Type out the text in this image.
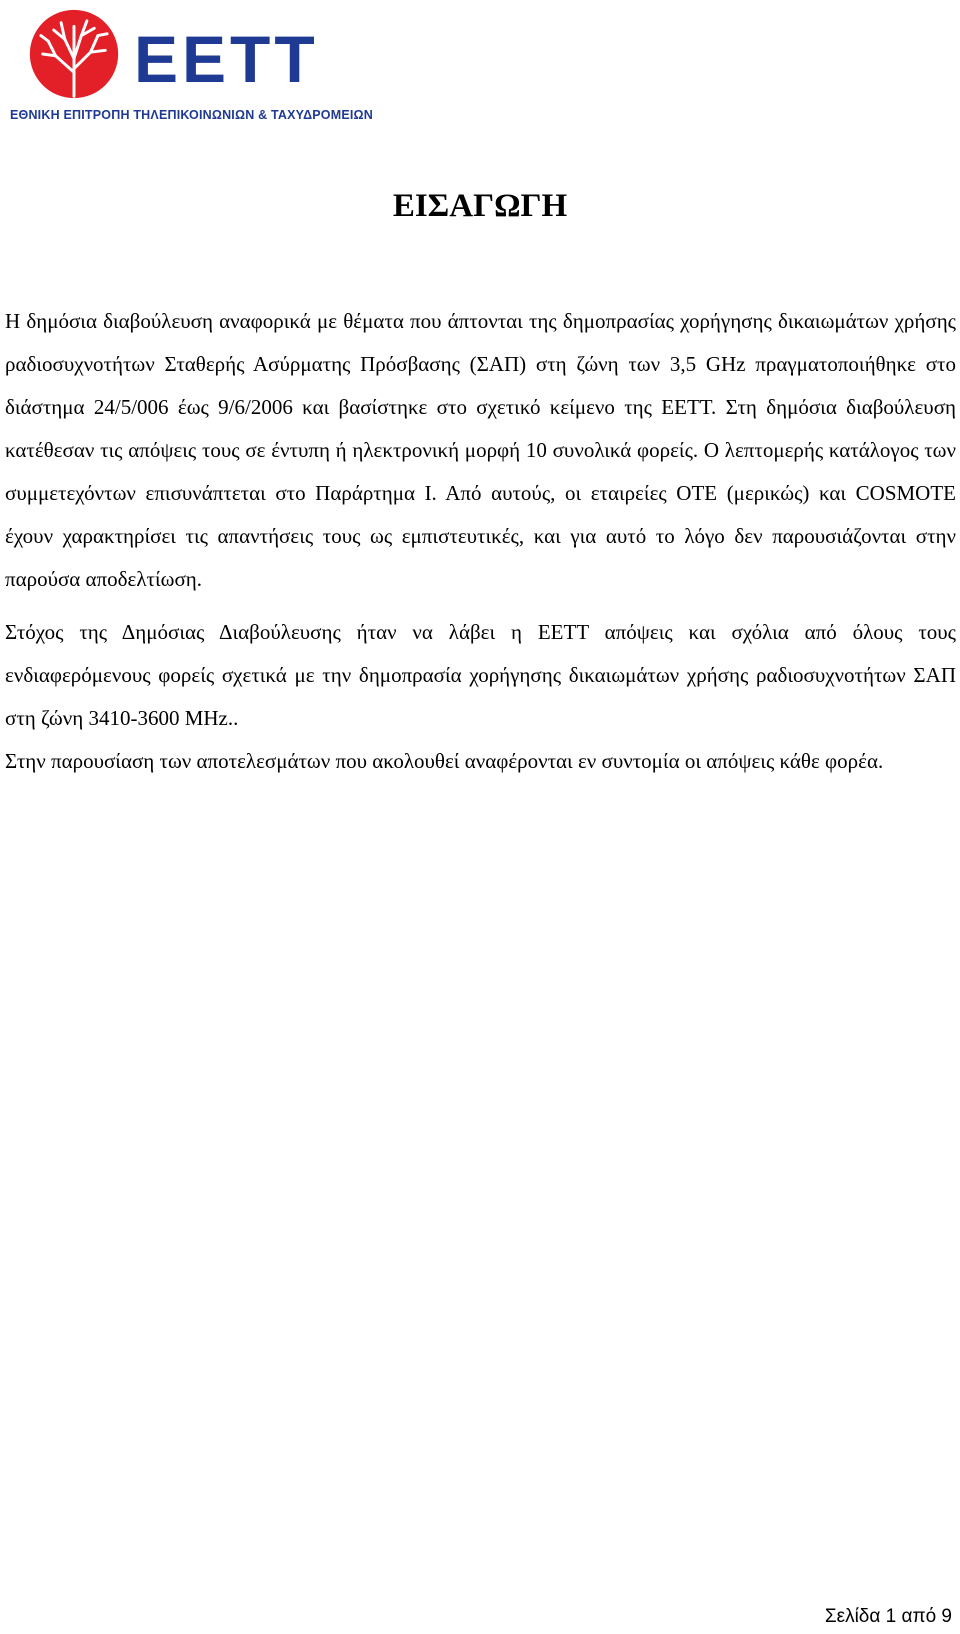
ΕΕΤΤ
ΕΘΝΙΚΗ ΕΠΙΤΡΟΠΗ ΤΗΛΕΠΙΚΟΙΝΩΝΙΩΝ & ΤΑΧΥΔΡΟΜΕΙΩΝ
ΕΙΣΑΓΩΓΗ

Η δημόσια διαβούλευση αναφορικά με θέματα που άπτονται της δημοπρασίας χορήγησης δικαιωμάτων χρήσης ραδιοσυχνοτήτων Σταθερής Ασύρματης Πρόσβασης (ΣΑΠ) στη ζώνη των 3,5 GHz πραγματοποιήθηκε στο διάστημα 24/5/006 έως 9/6/2006 και βασίστηκε στο σχετικό κείμενο της ΕΕΤΤ. Στη δημόσια διαβούλευση κατέθεσαν τις απόψεις τους σε έντυπη ή ηλεκτρονική μορφή 10 συνολικά φορείς. Ο λεπτομερής κατάλογος των συμμετεχόντων επισυνάπτεται στο Παράρτημα Ι. Από αυτούς, οι εταιρείες ΟΤΕ (μερικώς) και COSMOTE έχουν χαρακτηρίσει τις απαντήσεις τους ως εμπιστευτικές, και για αυτό το λόγο δεν παρουσιάζονται στην παρούσα αποδελτίωση.

Στόχος της Δημόσιας Διαβούλευσης ήταν να λάβει η ΕΕΤΤ απόψεις και σχόλια από όλους τους ενδιαφερόμενους φορείς σχετικά με την δημοπρασία χορήγησης δικαιωμάτων χρήσης ραδιοσυχνοτήτων ΣΑΠ στη ζώνη 3410-3600 MHz..

Στην παρουσίαση των αποτελεσμάτων που ακολουθεί αναφέρονται εν συντομία οι απόψεις κάθε φορέα.

Σελίδα 1 από 9
